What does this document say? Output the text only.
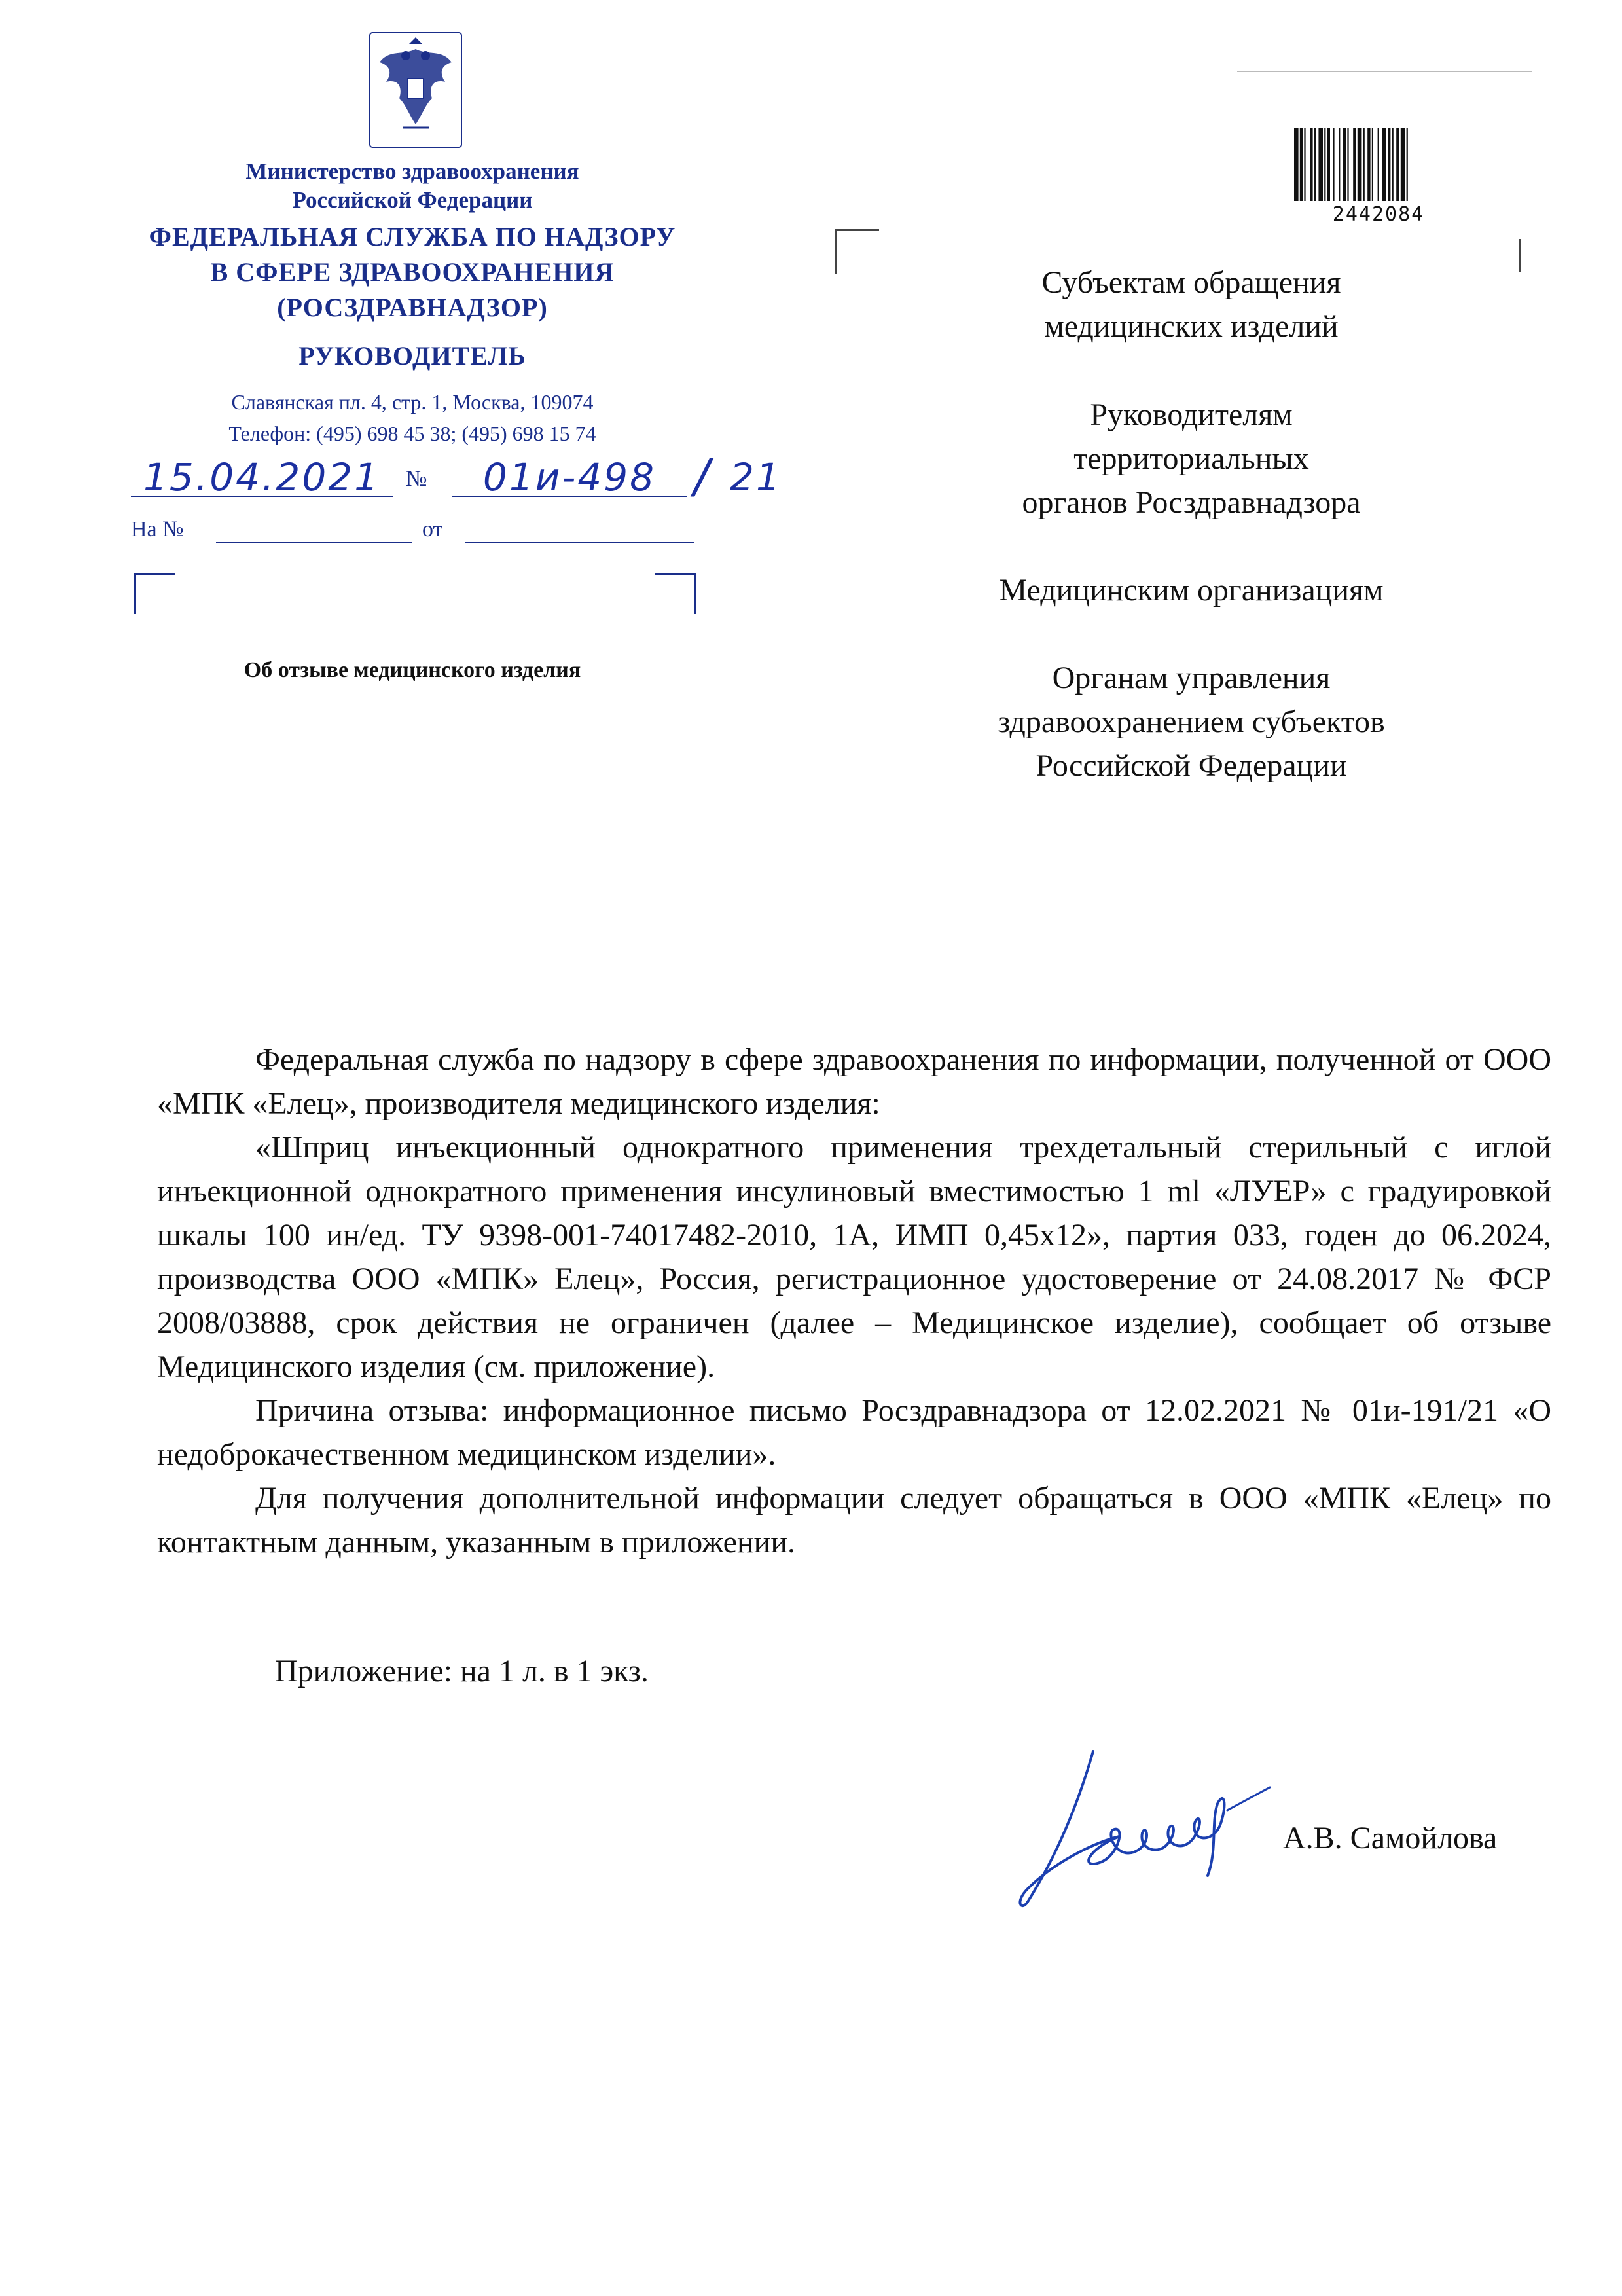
Министерство здравоохранения
Российской Федерации
ФЕДЕРАЛЬНАЯ СЛУЖБА ПО НАДЗОРУ
В СФЕРЕ ЗДРАВООХРАНЕНИЯ
(РОСЗДРАВНАДЗОР)
РУКОВОДИТЕЛЬ
Славянская пл. 4, стр. 1, Москва, 109074
Телефон: (495) 698 45 38; (495) 698 15 74
15.04.2021	№	01и-498 / 21
На №	от
Об отзыве медицинского изделия
2442084
Субъектам обращения
медицинских изделий
Руководителям
территориальных
органов Росздравнадзора
Медицинским организациям
Органам управления
здравоохранением субъектов
Российской Федерации

Федеральная служба по надзору в сфере здравоохранения по информации, полученной от ООО «МПК «Елец», производителя медицинского изделия:

«Шприц инъекционный однократного применения трехдетальный стерильный с иглой инъекционной однократного применения инсулиновый вместимостью 1 ml «ЛУЕР» с градуировкой шкалы 100 ин/ед. ТУ 9398-001-74017482-2010, 1А, ИМП 0,45х12», партия 033, годен до 06.2024, производства ООО «МПК» Елец», Россия, регистрационное удостоверение от 24.08.2017 № ФСР 2008/03888, срок действия не ограничен (далее – Медицинское изделие), сообщает об отзыве Медицинского изделия (см. приложение).

Причина отзыва: информационное письмо Росздравнадзора от 12.02.2021 № 01и-191/21 «О недоброкачественном медицинском изделии».

Для получения дополнительной информации следует обращаться в ООО «МПК «Елец» по контактным данным, указанным в приложении.

Приложение: на 1 л. в 1 экз.
А.В. Самойлова
